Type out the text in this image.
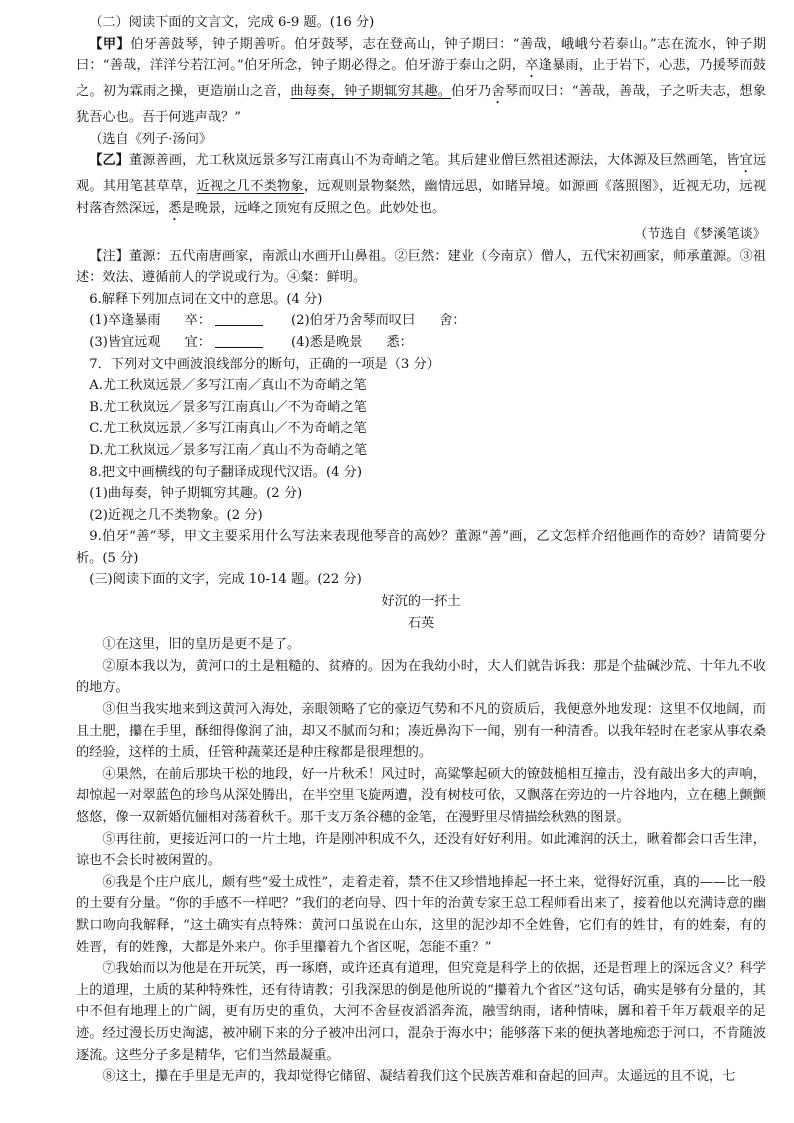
（二）阅读下面的文言文，完成 6-9 题。(16 分)

【甲】伯牙善鼓琴，钟子期善听。伯牙鼓琴，志在登高山，钟子期曰：“善哉，峨峨兮若泰山。”志在流水，钟子期曰：“善哉，洋洋兮若江河。”伯牙所念，钟子期必得之。伯牙游于泰山之阴，卒逢暴雨，止于岩下，心悲，乃援琴而鼓之。初为霖雨之操，更造崩山之音，曲每奏，钟子期辄穷其趣。伯牙乃舍琴而叹曰：“善哉，善哉，子之听夫志，想象犹吾心也。吾于何逃声哉？”

（选自《列子·汤问》

【乙】董源善画，尤工秋岚远景多写江南真山不为奇峭之笔。其后建业僧巨然祖述源法，大体源及巨然画笔，皆宜远观。其用笔甚草草，近视之几不类物象，远观则景物粲然，幽情远思，如睹异境。如源画《落照图》，近视无功，远视村落杳然深远，悉是晚景，远峰之顶宛有反照之色。此妙处也。

（节选自《梦溪笔谈》

【注】董源：五代南唐画家，南派山水画开山鼻祖。②巨然：建业（今南京）僧人，五代宋初画家，师承董源。③祖述：效法、遵循前人的学说或行为。④粲：鲜明。

6.解释下列加点词在文中的意思。(4 分)

(1)卒逢暴雨 卒：	(2)伯牙乃舍琴而叹曰 舍：

(3)皆宜远观 宜：	(4)悉是晚景 悉：

7．下列对文中画波浪线部分的断句，正确的一项是（3 分）

A.尤工秋岚远景／多写江南／真山不为奇峭之笔

B.尤工秋岚远／景多写江南真山／不为奇峭之笔

C.尤工秋岚远景／多写江南真山／不为奇峭之笔

D.尤工秋岚远／景多写江南／真山不为奇峭之笔

8.把文中画横线的句子翻译成现代汉语。(4 分)

(1)曲每奏，钟子期辄穷其趣。(2 分)

(2)近视之几不类物象。(2 分)

9.伯牙“善”琴，甲文主要采用什么写法来表现他琴音的高妙？董源“善”画，乙文怎样介绍他画作的奇妙？请简要分析。(5 分)

(三)阅读下面的文字，完成 10-14 题。(22 分)

好沉的一抔土

石英

①在这里，旧的皇历是更不是了。

②原本我以为，黄河口的土是粗糙的、贫瘠的。因为在我幼小时，大人们就告诉我：那是个盐碱沙荒、十年九不收的地方。

③但当我实地来到这黄河入海处，亲眼领略了它的豪迈气势和不凡的资质后，我便意外地发现：这里不仅地阔，而且土肥，攥在手里，酥细得像润了油，却又不腻而匀和；凑近鼻沟下一闻，别有一种清香。以我年轻时在老家从事农桑的经验，这样的土质，任管种蔬菜还是种庄稼都是很理想的。

④果然，在前后那块干松的地段，好一片秋禾！风过时，高粱擎起硕大的镣鼓槌相互撞击，没有敲出多大的声响，却惊起一对翠蓝色的珍鸟从深处腾出，在半空里飞旋两遭，没有树枝可依，又飘落在旁边的一片谷地内，立在穗上颤颤悠悠，像一双新婚伉俪相对荡着秋千。那千支万条谷穗的金笔，在漫野里尽情描绘秋熟的图景。

⑤再往前，更接近河口的一片土地，许是刚冲积成不久，还没有好好利用。如此滩润的沃土，瞅着都会口舌生津，谅也不会长时被闲置的。

⑥我是个庄户底儿，颇有些“爱土成性”，走着走着，禁不住又珍惜地捧起一抔土来，觉得好沉重，真的——比一般的土要有分量。“你的手感不一样吧？”我们的老向导、四十年的治黄专家王总工程师看出来了，接着他以充满诗意的幽默口吻向我解释，“这土确实有点特殊：黄河口虽说在山东，这里的泥沙却不全姓鲁，它们有的姓甘，有的姓秦，有的姓晋，有的姓豫，大都是外来户。你手里攥着九个省区呢，怎能不重？”

⑦我始而以为他是在开玩笑，再一琢磨，或许还真有道理，但究竟是科学上的依据，还是哲理上的深远含义？科学上的道理，土质的某种特殊性，还有待请教；引我深思的倒是他所说的“攥着九个省区”这句话，确实是够有分量的，其中不但有地理上的广阔，更有历史的重负，大河不舍昼夜滔滔奔流，融雪纳雨，诸种情味，羼和着千年万载艰辛的足迹。经过漫长历史淘滤，被冲刷下来的分子被冲出河口，混杂于海水中；能够落下来的便执著地痴恋于河口，不肯随波逐流。这些分子多是精华，它们当然最凝重。

⑧这土，攥在手里是无声的，我却觉得它储留、凝结着我们这个民族苦难和奋起的回声。太遥远的且不说，七
